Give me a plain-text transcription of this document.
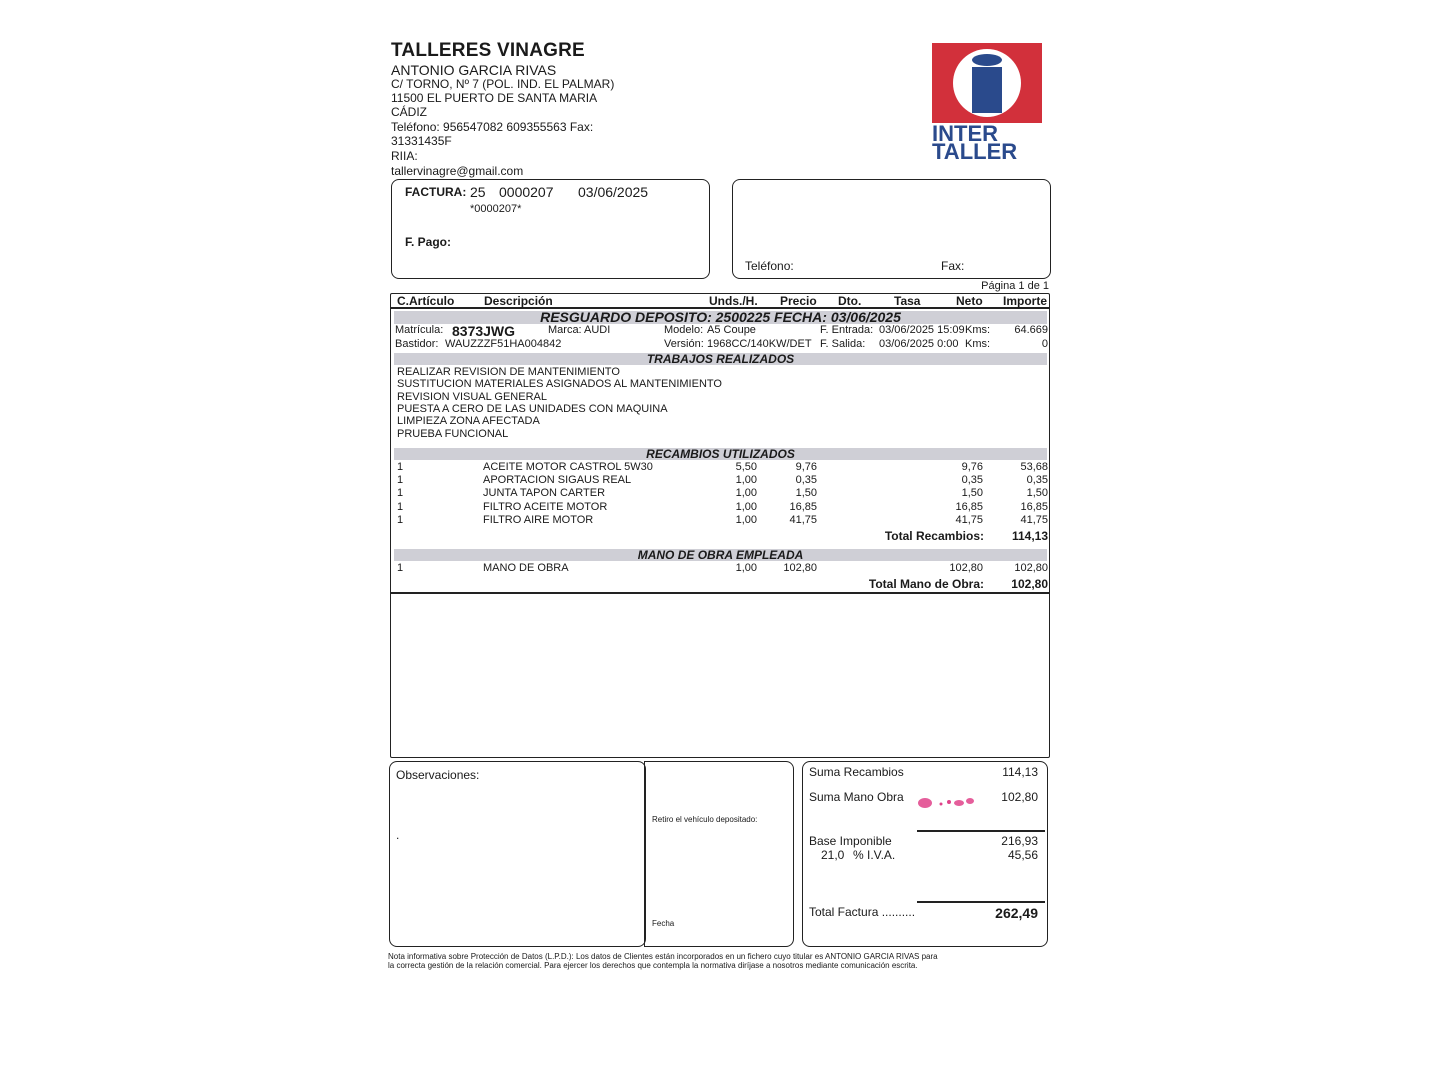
TALLERES VINAGRE
ANTONIO GARCIA RIVAS
C/ TORNO, Nº 7 (POL. IND. EL PALMAR)
11500 EL PUERTO DE SANTA MARIA
CÁDIZ
Teléfono: 956547082 609355563 Fax:
31331435F
RIIA:
tallervinagre@gmail.com
INTER
TALLER
FACTURA: 25 0000207 03/06/2025
*0000207*
F. Pago:
Teléfono:	Fax:
Página 1 de 1
C.Artículo Descripción	Unds./H. Precio Dto.	Tasa	Neto Importe
RESGUARDO DEPOSITO: 2500225 FECHA: 03/06/2025
Matrícula: 8373JWG	Marca: AUDI	Modelo: A5 Coupe	F. Entrada: 03/06/2025 15:09 Kms:	64.669
Bastidor: WAUZZZF51HA004842	Versión: 1968CC/140KW/DET F. Salida: 03/06/2025 0:00 Kms:	0
TRABAJOS REALIZADOS
REALIZAR REVISION DE MANTENIMIENTO
SUSTITUCION MATERIALES ASIGNADOS AL MANTENIMIENTO
REVISION VISUAL GENERAL
PUESTA A CERO DE LAS UNIDADES CON MAQUINA
LIMPIEZA ZONA AFECTADA
PRUEBA FUNCIONAL
RECAMBIOS UTILIZADOS
1	ACEITE MOTOR CASTROL 5W30	5,50	9,76	9,76	53,68
1	APORTACION SIGAUS REAL	1,00	0,35	0,35	0,35
1	JUNTA TAPON CARTER	1,00	1,50	1,50	1,50
1	FILTRO ACEITE MOTOR	1,00	16,85	16,85	16,85
1	FILTRO AIRE MOTOR	1,00	41,75	41,75	41,75
Total Recambios:	114,13
MANO DE OBRA EMPLEADA
1	MANO DE OBRA	1,00	102,80	102,80	102,80
Total Mano de Obra:	102,80
Observaciones:
.
Retiro el vehículo depositado:
Fecha
Suma Recambios	114,13
Suma Mano Obra	102,80
Base Imponible	216,93
21,0 % I.V.A.	45,56
Total Factura ..........	262,49
Nota informativa sobre Protección de Datos (L.P.D.): Los datos de Clientes están incorporados en un fichero cuyo titular es ANTONIO GARCIA RIVAS para
la correcta gestión de la relación comercial. Para ejercer los derechos que contempla la normativa diríjase a nosotros mediante comunicación escrita.
